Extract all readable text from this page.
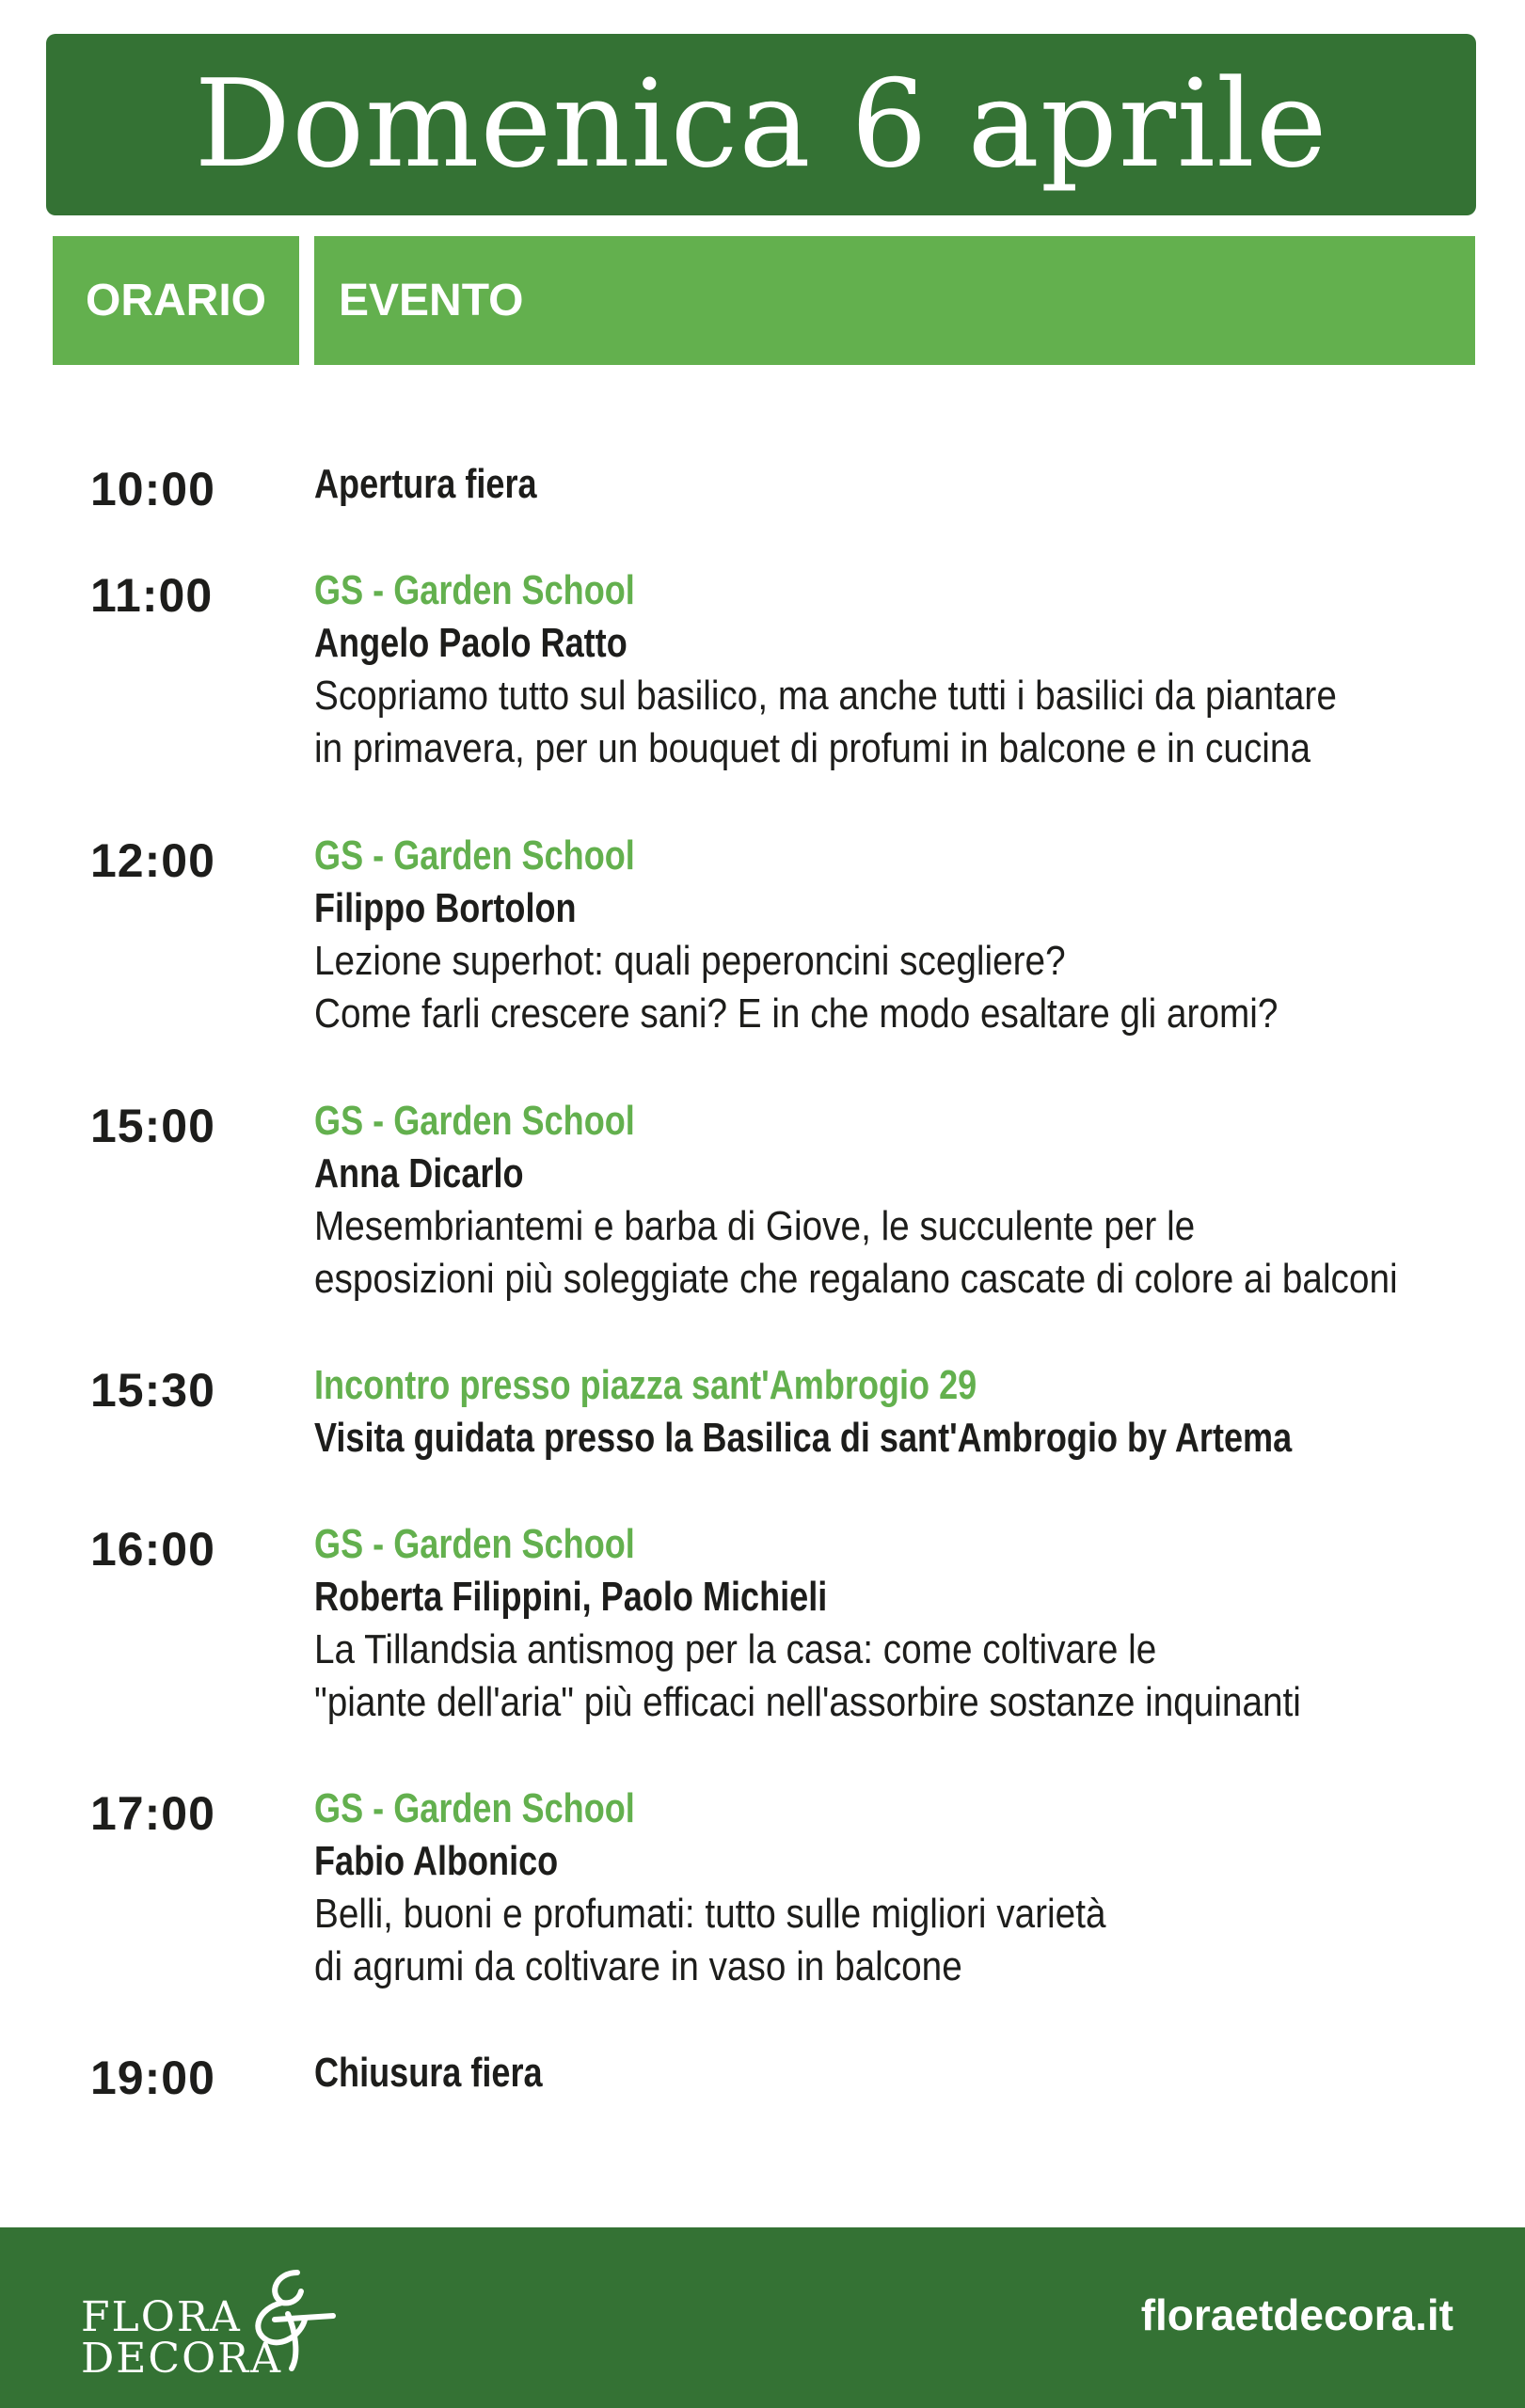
Domenica 6 aprile
ORARIO	EVENTO
10:00 Apertura fiera
11:00 GS - Garden School
Angelo Paolo Ratto
Scopriamo tutto sul basilico, ma anche tutti i basilici da piantare
in primavera, per un bouquet di profumi in balcone e in cucina
12:00 GS - Garden School
Filippo Bortolon
Lezione superhot: quali peperoncini scegliere?
Come farli crescere sani? E in che modo esaltare gli aromi?
15:00 GS - Garden School
Anna Dicarlo
Mesembriantemi e barba di Giove, le succulente per le
esposizioni più soleggiate che regalano cascate di colore ai balconi
15:30 Incontro presso piazza sant'Ambrogio 29
Visita guidata presso la Basilica di sant'Ambrogio by Artema
16:00 GS - Garden School
Roberta Filippini, Paolo Michieli
La Tillandsia antismog per la casa: come coltivare le
"piante dell'aria" più efficaci nell'assorbire sostanze inquinanti
17:00 GS - Garden School
Fabio Albonico
Belli, buoni e profumati: tutto sulle migliori varietà
di agrumi da coltivare in vaso in balcone
19:00 Chiusura fiera
FLORA
DECORA
floraetdecora.it
